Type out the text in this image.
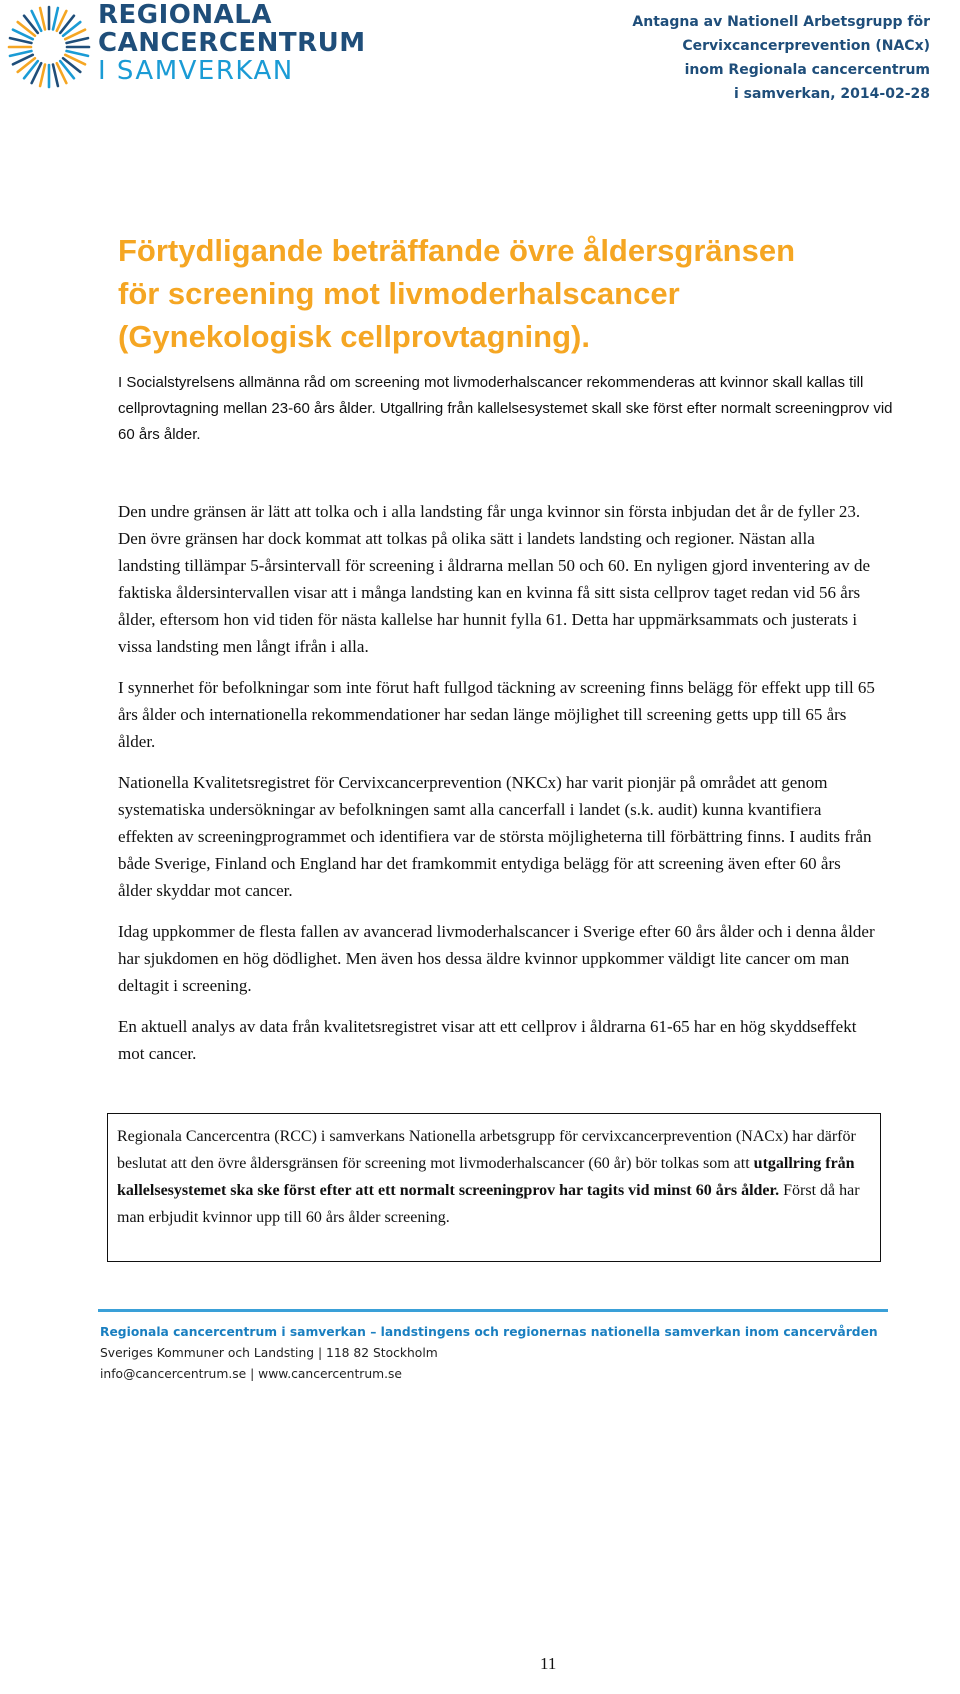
REGIONALA
CANCERCENTRUM
I SAMVERKAN
Antagna av Nationell Arbetsgrupp för
Cervixcancerprevention (NACx)
inom Regionala cancercentrum
i samverkan, 2014-02-28
Förtydligande beträffande övre åldersgränsen
för screening mot livmoderhalscancer
(Gynekologisk cellprovtagning).
I Socialstyrelsens allmänna råd om screening mot livmoderhalscancer rekommenderas att kvinnor skall kallas till cellprovtagning mellan 23-60 års ålder. Utgallring från kallelsesystemet skall ske först efter normalt screeningprov vid 60 års ålder.

Den undre gränsen är lätt att tolka och i alla landsting får unga kvinnor sin första inbjudan det år de fyller 23. Den övre gränsen har dock kommat att tolkas på olika sätt i landets landsting och regioner. Nästan alla landsting tillämpar 5-årsintervall för screening i åldrarna mellan 50 och 60. En nyligen gjord inventering av de faktiska åldersintervallen visar att i många landsting kan en kvinna få sitt sista cellprov taget redan vid 56 års ålder, eftersom hon vid tiden för nästa kallelse har hunnit fylla 61. Detta har uppmärksammats och justerats i vissa landsting men långt ifrån i alla.

I synnerhet för befolkningar som inte förut haft fullgod täckning av screening finns belägg för effekt upp till 65 års ålder och internationella rekommendationer har sedan länge möjlighet till screening getts upp till 65 års ålder.

Nationella Kvalitetsregistret för Cervixcancerprevention (NKCx) har varit pionjär på området att genom systematiska undersökningar av befolkningen samt alla cancerfall i landet (s.k. audit) kunna kvantifiera effekten av screeningprogrammet och identifiera var de största möjligheterna till förbättring finns. I audits från både Sverige, Finland och England har det framkommit entydiga belägg för att screening även efter 60 års ålder skyddar mot cancer.

Idag uppkommer de flesta fallen av avancerad livmoderhalscancer i Sverige efter 60 års ålder och i denna ålder har sjukdomen en hög dödlighet. Men även hos dessa äldre kvinnor uppkommer väldigt lite cancer om man deltagit i screening.

En aktuell analys av data från kvalitetsregistret visar att ett cellprov i åldrarna 61-65 har en hög skyddseffekt mot cancer.

Regionala Cancercentra (RCC) i samverkans Nationella arbetsgrupp för cervixcancerprevention (NACx) har därför beslutat att den övre åldersgränsen för screening mot livmoderhalscancer (60 år) bör tolkas som att utgallring från kallelsesystemet ska ske först efter att ett normalt screeningprov har tagits vid minst 60 års ålder. Först då har man erbjudit kvinnor upp till 60 års ålder screening.
Regionala cancercentrum i samverkan – landstingens och regionernas nationella samverkan inom cancervården
Sveriges Kommuner och Landsting | 118 82 Stockholm
info@cancercentrum.se | www.cancercentrum.se
11
